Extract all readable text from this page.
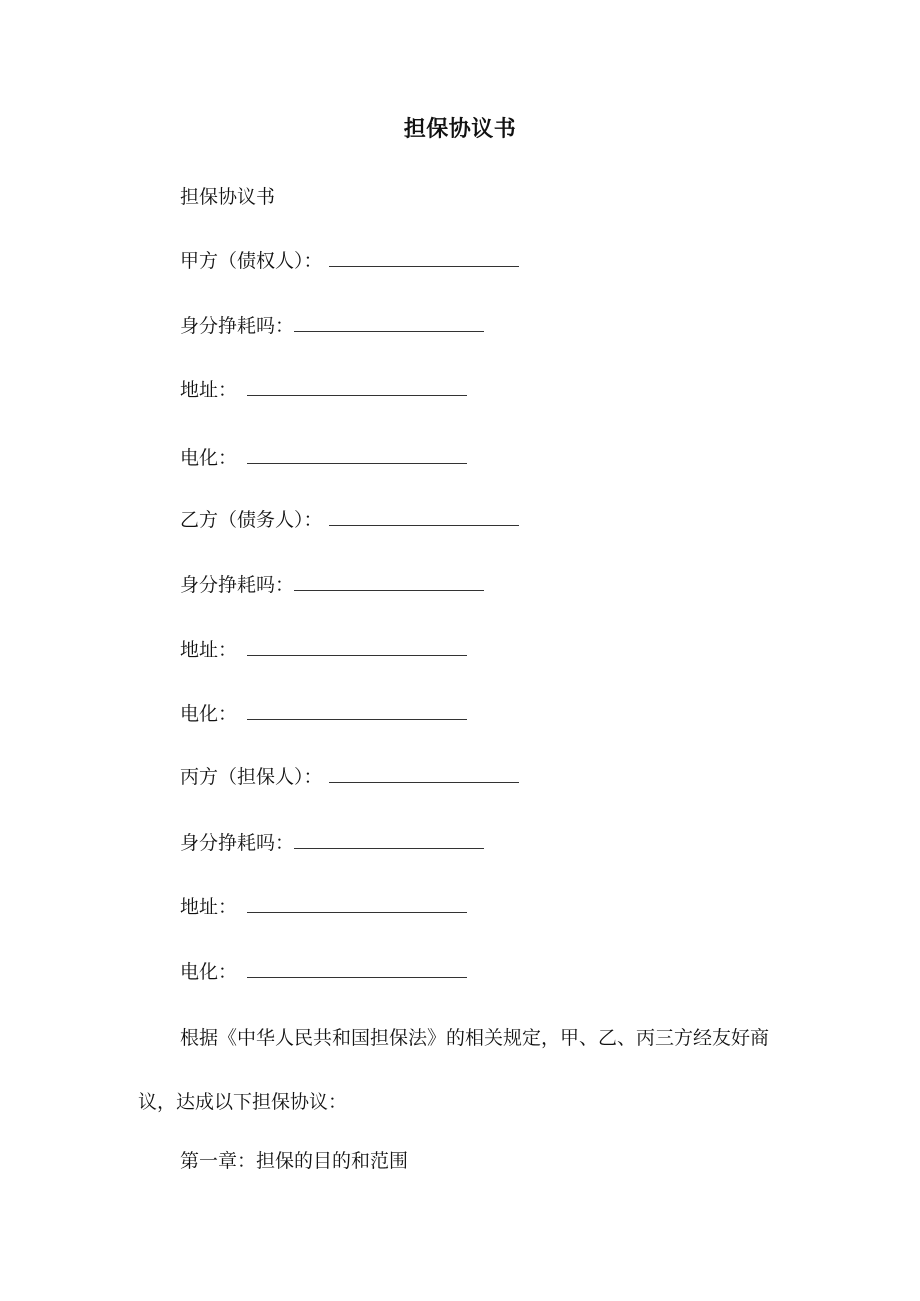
担保协议书
担保协议书
甲方（债权人）：
身分挣耗吗：
地址：
电化：
乙方（债务人）：
身分挣耗吗：
地址：
电化：
丙方（担保人）：
身分挣耗吗：
地址：
电化：
根据《中华人民共和国担保法》的相关规定，甲、乙、丙三方经友好商议，达成以下担保协议：
第一章：担保的目的和范围
